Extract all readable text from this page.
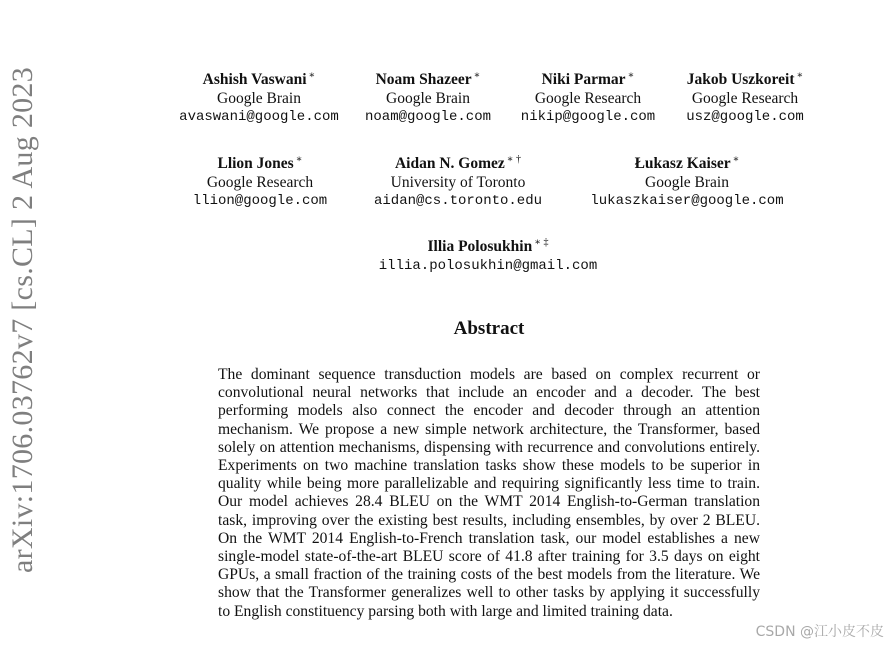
arXiv:1706.03762v7 [cs.CL] 2 Aug 2023	Ashish Vaswani ∗
Google Brain
avaswani@google.com
Noam Shazeer ∗
Google Brain
noam@google.com
Niki Parmar ∗
Google Research
nikip@google.com
Jakob Uszkoreit ∗
Google Research
usz@google.com
Llion Jones ∗
Google Research
llion@google.com
Aidan N. Gomez ∗ †
University of Toronto
aidan@cs.toronto.edu
Łukasz Kaiser ∗
Google Brain
lukaszkaiser@google.com
Illia Polosukhin ∗ ‡
illia.polosukhin@gmail.com
Abstract

The dominant sequence transduction models are based on complex recurrent or convolutional neural networks that include an encoder and a decoder. The best performing models also connect the encoder and decoder through an attention mechanism. We propose a new simple network architecture, the Transformer, based solely on attention mechanisms, dispensing with recurrence and convolutions entirely. Experiments on two machine translation tasks show these models to be superior in quality while being more parallelizable and requiring significantly less time to train. Our model achieves 28.4 BLEU on the WMT 2014 English-to-German translation task, improving over the existing best results, including ensembles, by over 2 BLEU. On the WMT 2014 English-to-French translation task, our model establishes a new single-model state-of-the-art BLEU score of 41.8 after training for 3.5 days on eight GPUs, a small fraction of the training costs of the best models from the literature. We show that the Transformer generalizes well to other tasks by applying it successfully to English constituency parsing both with large and limited training data.

CSDN @江小皮不皮
